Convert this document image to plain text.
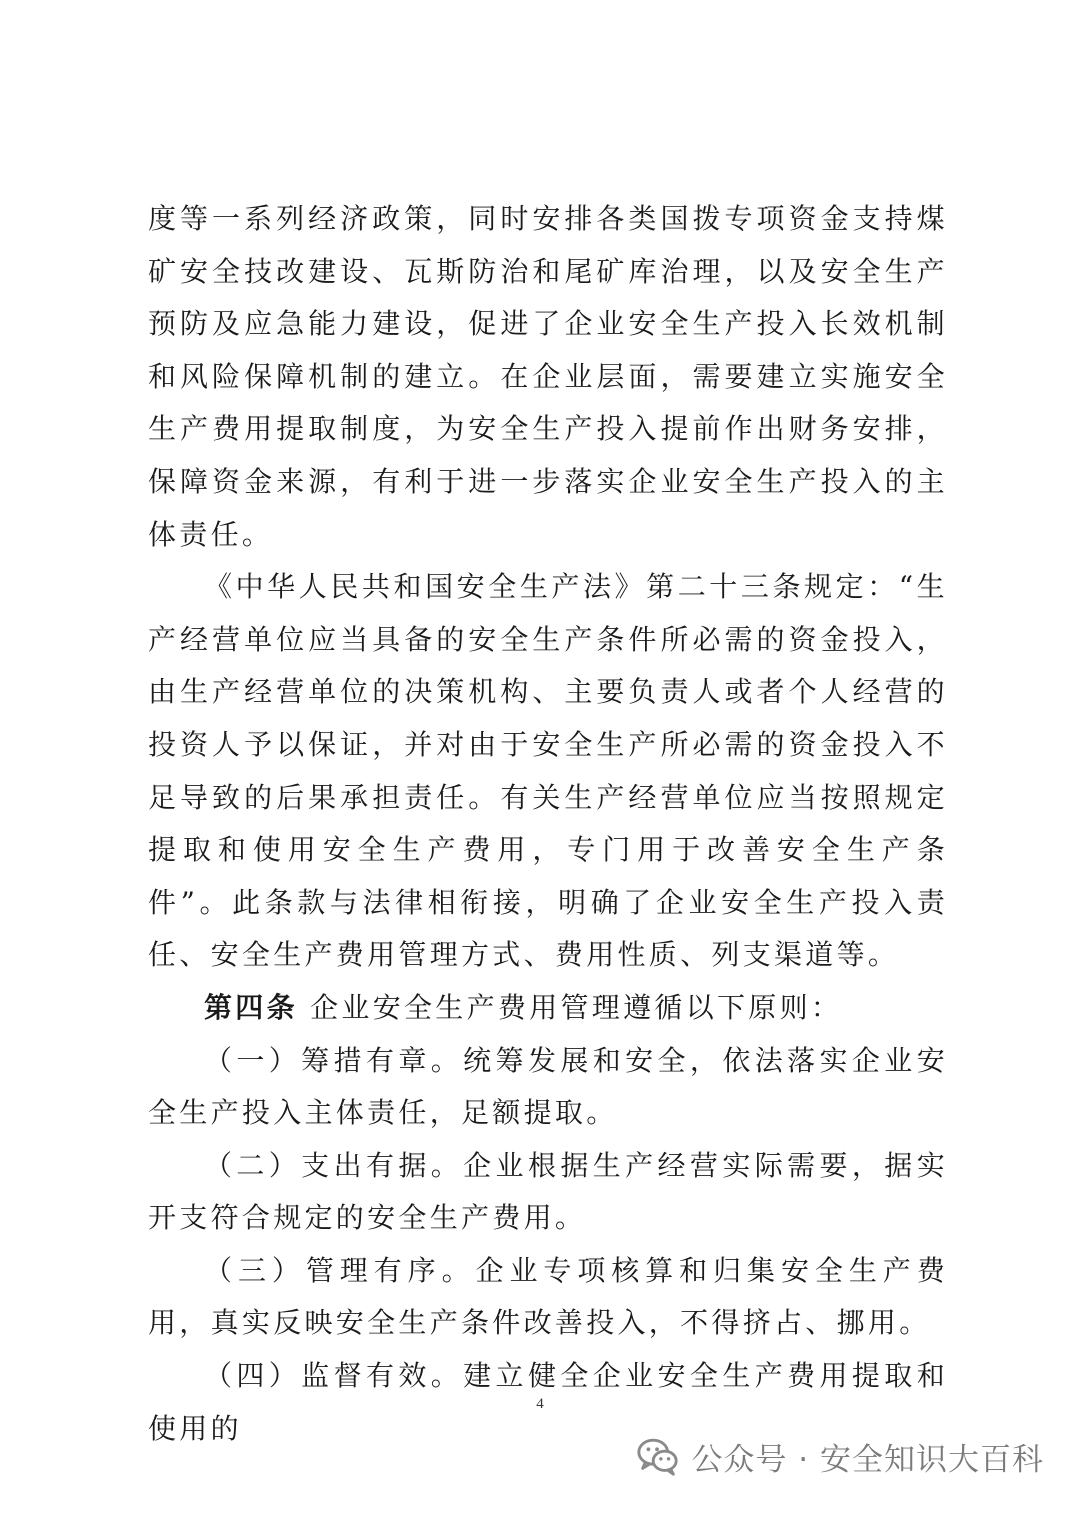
度等一系列经济政策，同时安排各类国拨专项资金支持煤矿安全技改建设、瓦斯防治和尾矿库治理，以及安全生产预防及应急能力建设，促进了企业安全生产投入长效机制和风险保障机制的建立。在企业层面，需要建立实施安全生产费用提取制度，为安全生产投入提前作出财务安排，保障资金来源，有利于进一步落实企业安全生产投入的主体责任。

《中华人民共和国安全生产法》第二十三条规定：“生产经营单位应当具备的安全生产条件所必需的资金投入，由生产经营单位的决策机构、主要负责人或者个人经营的投资人予以保证，并对由于安全生产所必需的资金投入不足导致的后果承担责任。有关生产经营单位应当按照规定提取和使用安全生产费用，专门用于改善安全生产条件”。此条款与法律相衔接，明确了企业安全生产投入责任、安全生产费用管理方式、费用性质、列支渠道等。

第四条 企业安全生产费用管理遵循以下原则：

（一）筹措有章。统筹发展和安全，依法落实企业安全生产投入主体责任，足额提取。

（二）支出有据。企业根据生产经营实际需要，据实开支符合规定的安全生产费用。

（三）管理有序。企业专项核算和归集安全生产费用，真实反映安全生产条件改善投入，不得挤占、挪用。

（四）监督有效。建立健全企业安全生产费用提取和使用的

4
公众号 · 安全知识大百科
